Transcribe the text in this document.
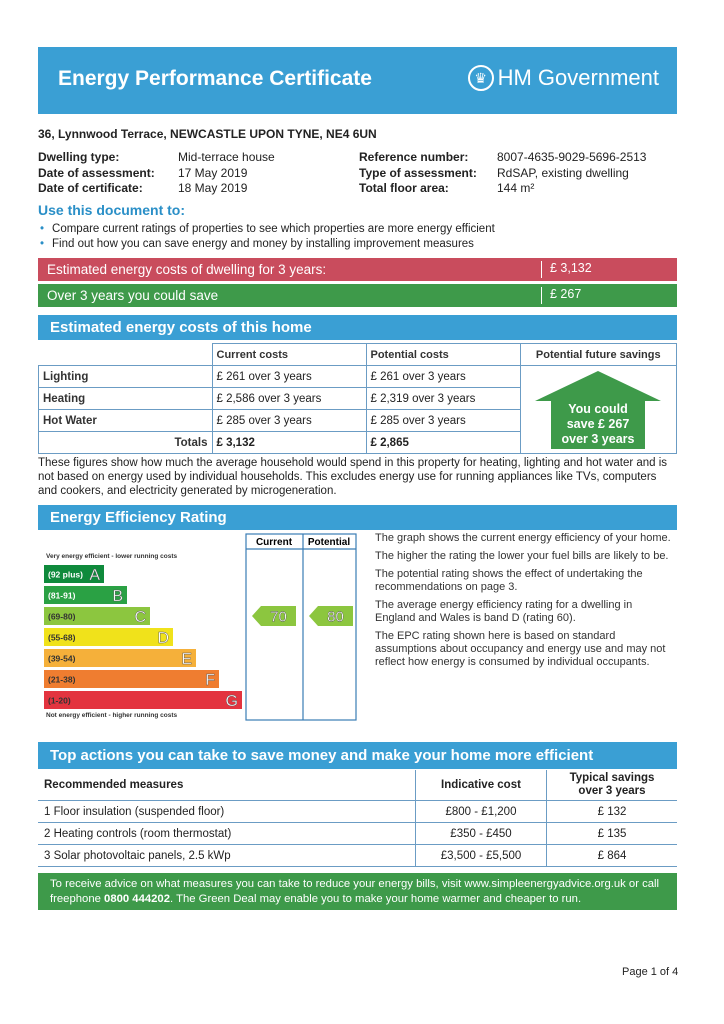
Energy Performance Certificate	♛ HM Government
36, Lynnwood Terrace, NEWCASTLE UPON TYNE, NE4 6UN
Dwelling type:	Mid-terrace house
Date of assessment: 17 May 2019
Date of certificate:	18 May 2019
Reference number: 8007-4635-9029-5696-2513
Type of assessment: RdSAP, existing dwelling
Total floor area:	144 m²
Use this document to:
• Compare current ratings of properties to see which properties are more energy efficient
• Find out how you can save energy and money by installing improvement measures
Estimated energy costs of dwelling for 3 years:	£ 3,132
Over 3 years you could save	£ 267
Estimated energy costs of this home
	Current costs	Potential costs	Potential future savings
Lighting	£ 261 over 3 years	£ 261 over 3 years	You could
save £ 267
over 3 years

Heating	£ 2,586 over 3 years	£ 2,319 over 3 years	
Hot Water	£ 285 over 3 years	£ 285 over 3 years	
Totals	£ 3,132	£ 2,865	
These figures show how much the average household would spend in this property for heating, lighting and hot water and is not based on energy used by individual households. This excludes energy use for running appliances like TVs, computers and cookers, and electricity generated by microgeneration.
Energy Efficiency Rating
Current Potential
Very energy efficient - lower running costs
Not energy efficient - higher running costs
(92 plus) A
(81-91) B
(69-80)	C
(55-68)	D
(39-54)	E
(21-38)	F
(1-20)	G
70	80

The graph shows the current energy efficiency of your home.

The higher the rating the lower your fuel bills are likely to be.

The potential rating shows the effect of undertaking the recommendations on page 3.

The average energy efficiency rating for a dwelling in England and Wales is band D (rating 60).

The EPC rating shown here is based on standard assumptions about occupancy and energy use and may not reflect how energy is consumed by individual occupants.

Top actions you can take to save money and make your home more efficient
Recommended measures	Indicative cost	Typical savings
over 3 years

1 Floor insulation (suspended floor)	£800 - £1,200	£ 132
2 Heating controls (room thermostat)	£350 - £450	£ 135
3 Solar photovoltaic panels, 2.5 kWp	£3,500 - £5,500	£ 864
To receive advice on what measures you can take to reduce your energy bills, visit www.simpleenergyadvice.org.uk or call freephone 0800 444202. The Green Deal may enable you to make your home warmer and cheaper to run.
Page 1 of 4
